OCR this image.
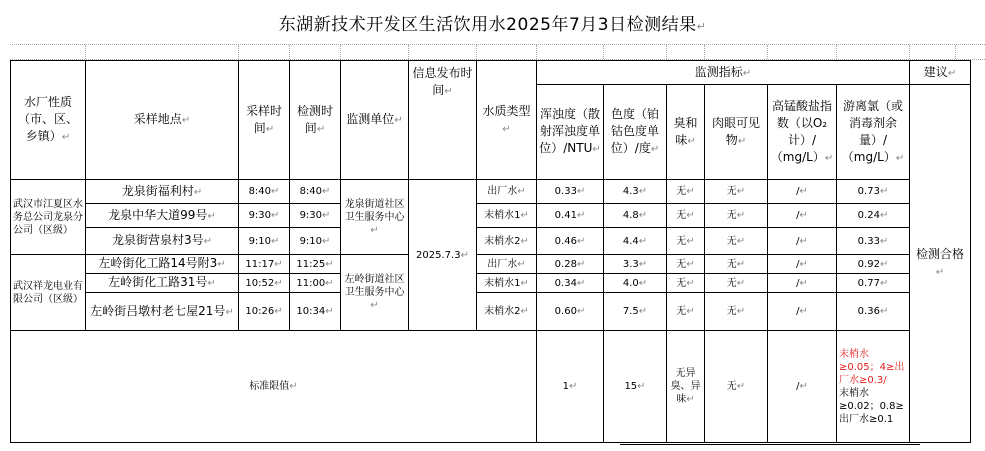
东湖新技术开发区生活饮用水2025年7月3日检测结果↵
水厂性质（市、区、乡镇） ↵	采样地点 ↵	采样时间 ↵	检测时间 ↵	监测单位 ↵	信息发布时间 ↵	水质类型 ↵	监测指标 ↵						建议 ↵
							浑浊度（散射浑浊度单位）/NTU ↵	色度（铂钴色度单位）/度 ↵	臭和味 ↵	肉眼可见物 ↵	高锰酸盐指数（以O₂计）/（mg/L） ↵	游离氯（或消毒剂余量）/（mg/L） ↵	检测合格 ↵
武汉市江夏区水务总公司龙泉分公司（区级）	龙泉街福利村 ↵	8:40 ↵	8:40 ↵	龙泉街道社区卫生服务中心 ↵	2025.7.3 ↵	出厂水 ↵	0.33 ↵	4.3 ↵	无 ↵	无 ↵	/ ↵	0.73 ↵
	龙泉中华大道99号 ↵	9:30 ↵	9:30 ↵			末梢水1 ↵	0.41 ↵	4.8 ↵	无 ↵	无 ↵	/ ↵	0.24 ↵
	龙泉街营泉村3号 ↵	9:10 ↵	9:10 ↵			末梢水2 ↵	0.46 ↵	4.4 ↵	无 ↵	无 ↵	/ ↵	0.33 ↵
武汉祥龙电业有限公司（区级）	左岭街化工路14号附3 ↵	11:17 ↵	11:25 ↵	左岭街道社区卫生服务中心 ↵		出厂水 ↵	0.28 ↵	3.3 ↵	无 ↵	无 ↵	/ ↵	0.92 ↵
	左岭街化工路31号 ↵	10:52 ↵	11:00 ↵			末梢水1 ↵	0.34 ↵	4.0 ↵	无 ↵	无 ↵	/ ↵	0.77 ↵
	左岭街吕墩村老七屋21号 ↵	10:26 ↵	10:34 ↵			末梢水2 ↵	0.60 ↵	7.5 ↵	无 ↵	无 ↵	/ ↵	0.36 ↵
标准限值 ↵							1 ↵	15 ↵	无异臭、异味 ↵	无 ↵	/ ↵	末梢水≥0.05；4≥出厂水≥0.3/
末梢水≥0.02；0.8≥出厂水≥0.1	
